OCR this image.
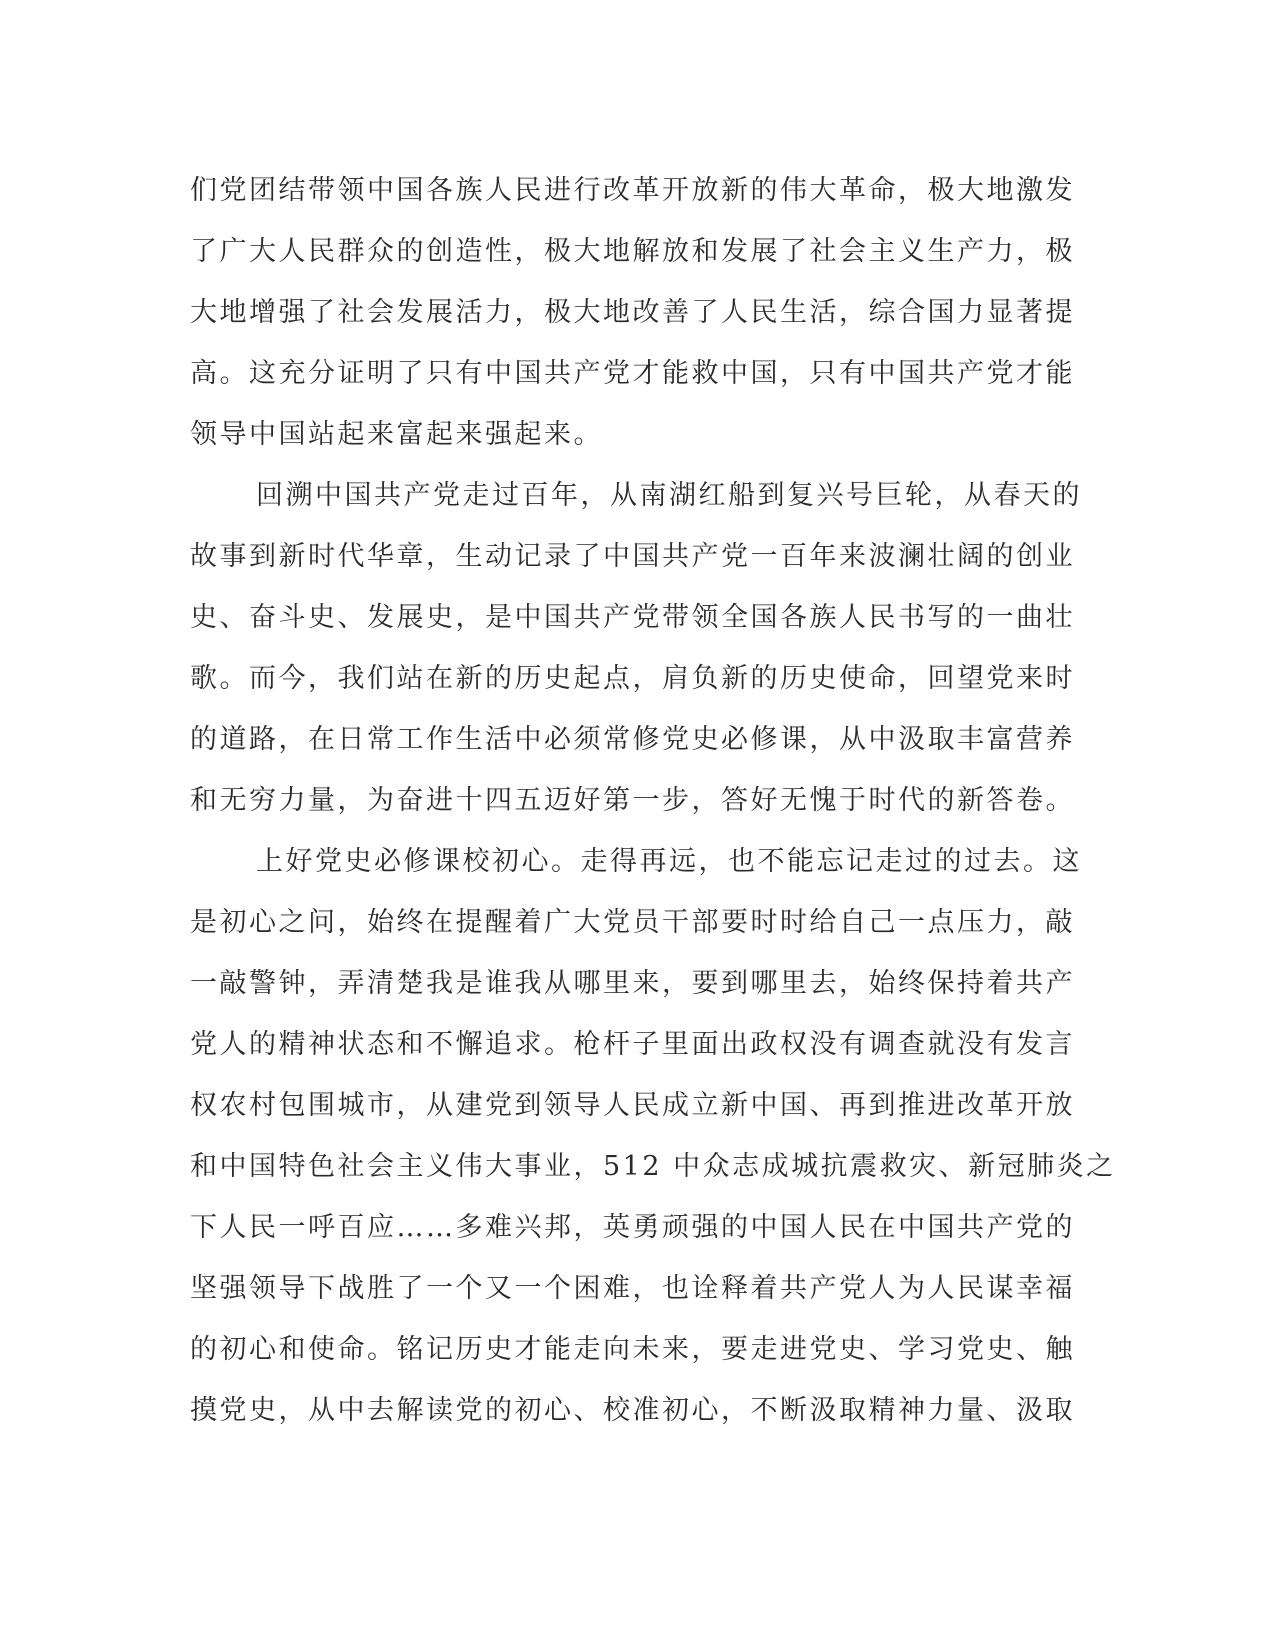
们党团结带领中国各族人民进行改革开放新的伟大革命，极大地激发
了广大人民群众的创造性，极大地解放和发展了社会主义生产力，极
大地增强了社会发展活力，极大地改善了人民生活，综合国力显著提
高。这充分证明了只有中国共产党才能救中国，只有中国共产党才能
领导中国站起来富起来强起来。
回溯中国共产党走过百年，从南湖红船到复兴号巨轮，从春天的
故事到新时代华章，生动记录了中国共产党一百年来波澜壮阔的创业
史、奋斗史、发展史，是中国共产党带领全国各族人民书写的一曲壮
歌。而今，我们站在新的历史起点，肩负新的历史使命，回望党来时
的道路，在日常工作生活中必须常修党史必修课，从中汲取丰富营养
和无穷力量，为奋进十四五迈好第一步，答好无愧于时代的新答卷。
上好党史必修课校初心。走得再远，也不能忘记走过的过去。这
是初心之问，始终在提醒着广大党员干部要时时给自己一点压力，敲
一敲警钟，弄清楚我是谁我从哪里来，要到哪里去，始终保持着共产
党人的精神状态和不懈追求。枪杆子里面出政权没有调查就没有发言
权农村包围城市，从建党到领导人民成立新中国、再到推进改革开放
和中国特色社会主义伟大事业，512 中众志成城抗震救灾、新冠肺炎之
下人民一呼百应……多难兴邦，英勇顽强的中国人民在中国共产党的
坚强领导下战胜了一个又一个困难，也诠释着共产党人为人民谋幸福
的初心和使命。铭记历史才能走向未来，要走进党史、学习党史、触
摸党史，从中去解读党的初心、校准初心，不断汲取精神力量、汲取
